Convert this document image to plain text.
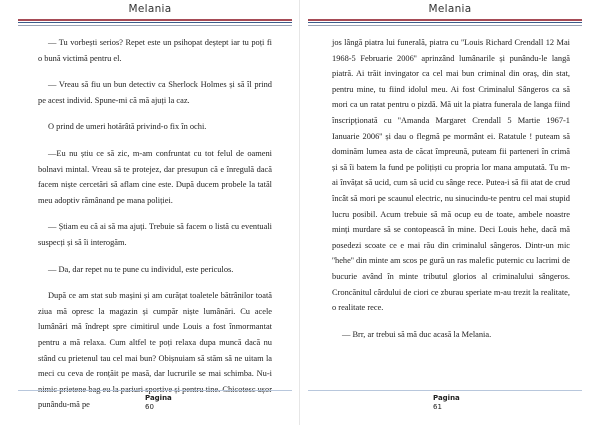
Melania

— Tu vorbești serios? Repet este un psihopat deștept iar tu poți fi o bună victimă pentru el.

— Vreau să fiu un bun detectiv ca Sherlock Holmes și să îl prind pe acest individ. Spune-mi că mă ajuți la caz.

O prind de umeri hotărâtă privind-o fix în ochi.

—Eu nu știu ce să zic, m-am confruntat cu tot felul de oameni bolnavi mintal. Vreau să te protejez, dar presupun că e înregulă dacă facem niște cercetări să aflam cine este. După ducem probele la tatăl meu adoptiv rămânand pe mana poliției.

— Știam eu că ai să ma ajuți. Trebuie să facem o listă cu eventuali suspecți și să îi interogăm.

— Da, dar repet nu te pune cu individul, este periculos.

După ce am stat sub mașini și am curățat toaletele bătrânilor toată ziua mă opresc la magazin și cumpăr niște lumânări. Cu acele lumânări mă îndrept spre cimitirul unde Louis a fost înmormantat pentru a mă relaxa. Cum altfel te poți relaxa dupa muncă dacă nu stând cu prietenul tau cel mai bun? Obișnuiam să stăm să ne uitam la meci cu ceva de ronțăit pe masă, dar lucrurile se mai schimba. Nu-i punându-mă pe

Pagina
60
Melania

jos lângă piatra lui funerală, piatra cu ''Louis Richard Crendall 12 Mai 1968-5 Februarie 2006'' aprinzând lumânarile și punându-le langă piatră. Ai trăit invingator ca cel mai bun criminal din oraș, din stat, pentru mine, tu fiind idolul meu. Ai fost Criminalul Sângeros ca să mori ca un ratat pentru o pizdă. Mă uit la piatra funerala de langa fiind înscripționată cu ''Amanda Margaret Crendall 5 Martie 1967-1 Ianuarie 2006'' și dau o flegmă pe mormânt ei. Ratatule ! puteam să dominăm lumea asta de căcat împreună, puteam fii parteneri în crimă și să îi batem la fund pe polițiști cu propria lor mana amputată. Tu m-ai învățat să ucid, cum să ucid cu sânge rece. Putea-i să fii atat de crud încât să mori pe scaunul electric, nu sinucindu-te pentru cel mai stupid lucru posibil. Acum trebuie să mă ocup eu de toate, ambele noastre minți murdare să se contopească în mine. Deci Louis hehe, dacă mă posedezi scoate ce e mai rău din criminalul sângeros. Dintr-un mic ''hehe'' din minte am scos pe gură un ras malefic puternic cu lacrimi de bucurie având în minte tributul glorios al criminalului sângeros. Croncănitul cârdului de ciori ce zburau speriate m-au trezit la realitate, o realitate rece.

— Brr, ar trebui să mă duc acasă la Melania.

Pagina
61
